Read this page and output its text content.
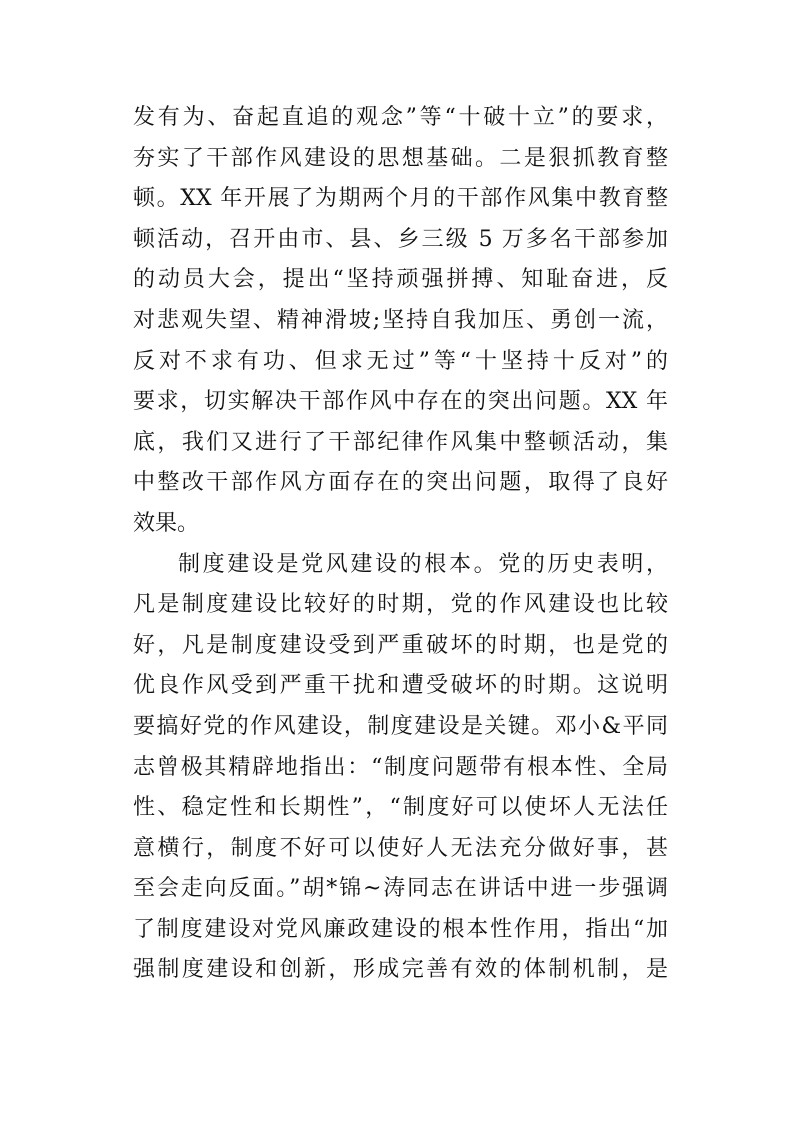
发有为、奋起直追的观念”等“十破十立”的要求，
夯实了干部作风建设的思想基础。二是狠抓教育整
顿。XX 年开展了为期两个月的干部作风集中教育整
顿活动，召开由市、县、乡三级 5 万多名干部参加
的动员大会，提出“坚持顽强拼搏、知耻奋进，反
对悲观失望、精神滑坡;坚持自我加压、勇创一流，
反对不求有功、但求无过”等“十坚持十反对”的
要求，切实解决干部作风中存在的突出问题。XX 年
底，我们又进行了干部纪律作风集中整顿活动，集
中整改干部作风方面存在的突出问题，取得了良好
效果。
制度建设是党风建设的根本。党的历史表明，
凡是制度建设比较好的时期，党的作风建设也比较
好，凡是制度建设受到严重破坏的时期，也是党的
优良作风受到严重干扰和遭受破坏的时期。这说明
要搞好党的作风建设，制度建设是关键。邓小&平同
志曾极其精辟地指出：“制度问题带有根本性、全局
性、稳定性和长期性”，“制度好可以使坏人无法任
意横行，制度不好可以使好人无法充分做好事，甚
至会走向反面。”胡*锦~涛同志在讲话中进一步强调
了制度建设对党风廉政建设的根本性作用，指出“加
强制度建设和创新，形成完善有效的体制机制，是
